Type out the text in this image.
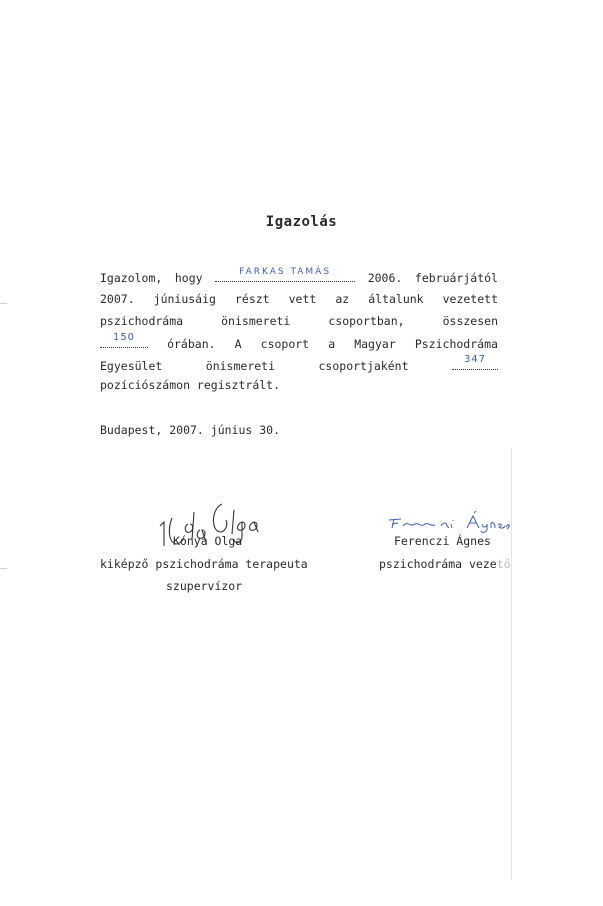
Igazolás
Igazolom, hogy	FARKAS TAMÁS	2006. februárjától
2007. júniusáig részt vett az általunk vezetett
pszichodráma	önismereti	csoportban,	összesen
150	órában. A csoport a Magyar Pszichodráma
Egyesület	önismereti	csoportjaként	347
pozíciószámon regisztrált.
Budapest, 2007. június 30.
Kónya Olga	Ferenczi Ágnes
kiképző pszichodráma terapeuta	pszichodráma vezető
szupervízor
